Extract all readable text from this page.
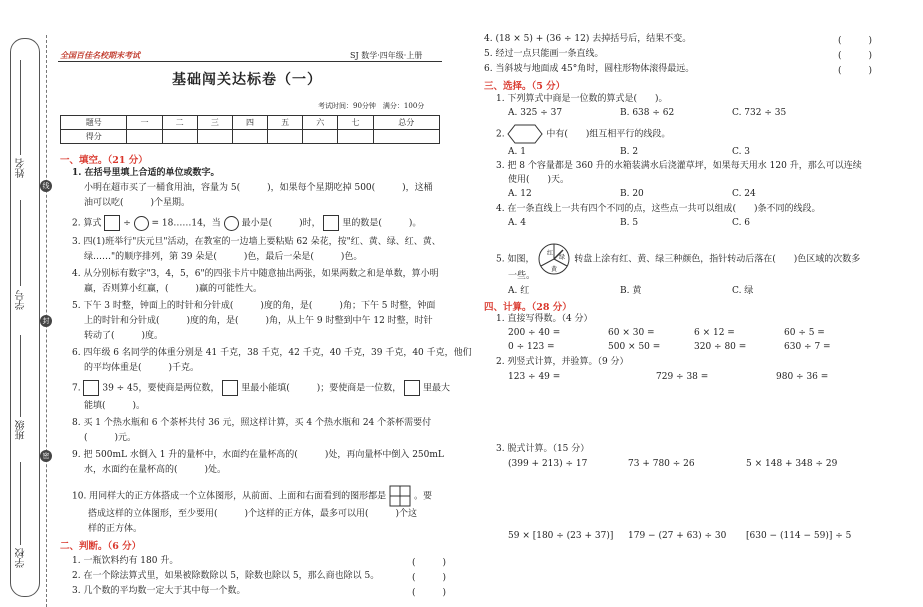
姓名
学号
班级
学校
线
封
密
全国百佳名校期末考试	SJ 数学·四年级·上册
基础闯关达标卷（一）
考试时间：90分钟　满分：100分
题号	一	二	三	四	五	六	七	总分
得分								
一、填空。（21 分）
1. 在括号里填上合适的单位或数字。
小明在超市买了一桶食用油，容量为 5(　　　)，如果每个星期吃掉 500(　　　)，这桶
油可以吃(　　　)个星期。
2. 算式 ÷ = 18……14，当 最小是(　　　)时， 里的数是(　　　)。
3. 四(1)班举行"庆元旦"活动，在教室的一边墙上要粘贴 62 朵花，按"红、黄、绿、红、黄、
绿……"的顺序排列，第 39 朵是(　　　)色，最后一朵是(　　　)色。
4. 从分别标有数字"3，4，5，6"的四张卡片中随意抽出两张，如果两数之和是单数，算小明
赢，否则算小红赢，(　　　)赢的可能性大。
5. 下午 3 时整，钟面上的时针和分针成(　　　)度的角，是(　　　)角；下午 5 时整，钟面
上的时针和分针成(　　　)度的角，是(　　　)角，从上午 9 时整到中午 12 时整，时针
转动了(　　　)度。
6. 四年级 6 名同学的体重分别是 41 千克，38 千克，42 千克，40 千克，39 千克，40 千克，他们
的平均体重是(　　　)千克。
7. 39 ÷ 45，要使商是两位数， 里最小能填(　　　)；要使商是一位数， 里最大
能填(　　　)。
8. 买 1 个热水瓶和 6 个茶杯共付 36 元，照这样计算，买 4 个热水瓶和 24 个茶杯需要付
(　　　)元。
9. 把 500mL 水倒入 1 升的量杯中，水面约在量杯高的(　　　)处，再向量杯中倒入 250mL
水，水面约在量杯高的(　　　)处。
10. 用同样大的正方体搭成一个立体图形，从前面、上面和右面看到的图形都是	。要
搭成这样的立体图形，至少要用(　　　)个这样的正方体，最多可以用(　　　)个这
样的正方体。
二、判断。（6 分）
1. 一瓶饮料约有 180 升。	(　　　)
2. 在一个除法算式里，如果被除数除以 5，除数也除以 5，那么商也除以 5。	(　　　)
3. 几个数的平均数一定大于其中每一个数。	(　　　)
4. (18 × 5) + (36 ÷ 12) 去掉括号后，结果不变。	(　　　)
5. 经过一点只能画一条直线。	(　　　)
6. 当斜坡与地面成 45°角时，圆柱形物体滚得最远。	(　　　)
三、选择。（5 分）
1. 下列算式中商是一位数的算式是(　　)。
A. 325 ÷ 37	B. 638 ÷ 62	C. 732 ÷ 35
2.	中有(　　)组互相平行的线段。
A. 1	B. 2	C. 3
3. 把 8 个容量都是 360 升的水箱装满水后浇灌草坪，如果每天用水 120 升，那么可以连续
使用(　　)天。
A. 12	B. 20	C. 24
4. 在一条直线上一共有四个不同的点，这些点一共可以组成(　　)条不同的线段。
A. 4	B. 5	C. 6
5. 如图，
红
绿
黄
转盘上涂有红、黄、绿三种颜色，指针转动后落在(　　)色区域的次数多
一些。
A. 红	B. 黄	C. 绿
四、计算。（28 分）
1. 直接写得数。（4 分）
200 ÷ 40 =	60 × 30 =	6 × 12 =	60 ÷ 5 =
0 ÷ 123 =	500 × 50 =	320 ÷ 80 =	630 ÷ 7 =
2. 列竖式计算，并验算。（9 分）
123 ÷ 49 =	729 ÷ 38 =	980 ÷ 36 =
3. 脱式计算。（15 分）
(399 + 213) ÷ 17	73 + 780 ÷ 26	5 × 148 + 348 ÷ 29
59 × [180 ÷ (23 + 37)] 179 − (27 + 63) ÷ 30 [630 − (114 − 59)] ÷ 5
